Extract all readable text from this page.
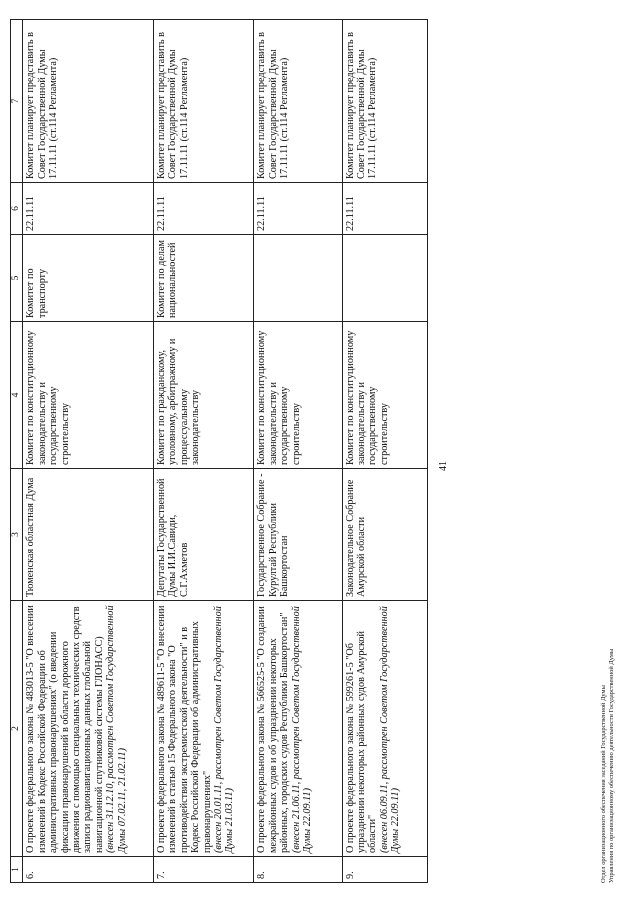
41
1	2	3	4	5	6	7
6.	О проекте федерального закона № 483013-5 "О внесении изменений в Кодекс Российской Федерации об административных правонарушениях" (о введении фиксации правонарушений в области дорожного движения с помощью специальных технических средств записи радионавигационных данных глобальной навигационной спутниковой системы ГЛОНАСС) (внесен 31.12.10, рассмотрен Советом Государственной Думы 07.02.11, 21.02.11)	Тюменская областная Дума	Комитет по конституционному законодательству и государственному строительству	Комитет по транспорту	22.11.11	Комитет планирует представить в Совет Государственной Думы 17.11.11 (ст.114 Регламента)
7.	О проекте федерального закона № 489611-5 "О внесении изменений в статью 15 Федерального закона "О противодействии экстремистской деятельности" и в Кодекс Российской Федерации об административных правонарушениях" (внесен 20.01.11, рассмотрен Советом Государственной Думы 21.03.11)	Депутаты Государственной Думы И.И.Савиди, С.Г.Ахметов	Комитет по гражданскому, уголовному, арбитражному и процессуальному законодательству	Комитет по делам национальностей	22.11.11	Комитет планирует представить в Совет Государственной Думы 17.11.11 (ст.114 Регламента)
8.	О проекте федерального закона № 566525-5 "О создании межрайонных судов и об упразднении некоторых районных, городских судов Республики Башкортостан" (внесен 21.06.11, рассмотрен Советом Государственной Думы 22.09.11)	Государственное Собрание - Курултай Республики Башкортостан	Комитет по конституционному законодательству и государственному строительству		22.11.11	Комитет планирует представить в Совет Государственной Думы 17.11.11 (ст.114 Регламента)
9.	О проекте федерального закона № 599261-5 "Об упразднении некоторых районных судов Амурской области" (внесен 06.09.11, рассмотрен Советом Государственной Думы 22.09.11)	Законодательное Собрание Амурской области	Комитет по конституционному законодательству и государственному строительству		22.11.11	Комитет планирует представить в Совет Государственной Думы 17.11.11 (ст.114 Регламента)
Отдел организационного обеспечения заседаний Государственной Думы Управления по организационному обеспечению деятельности Государственной Думы
